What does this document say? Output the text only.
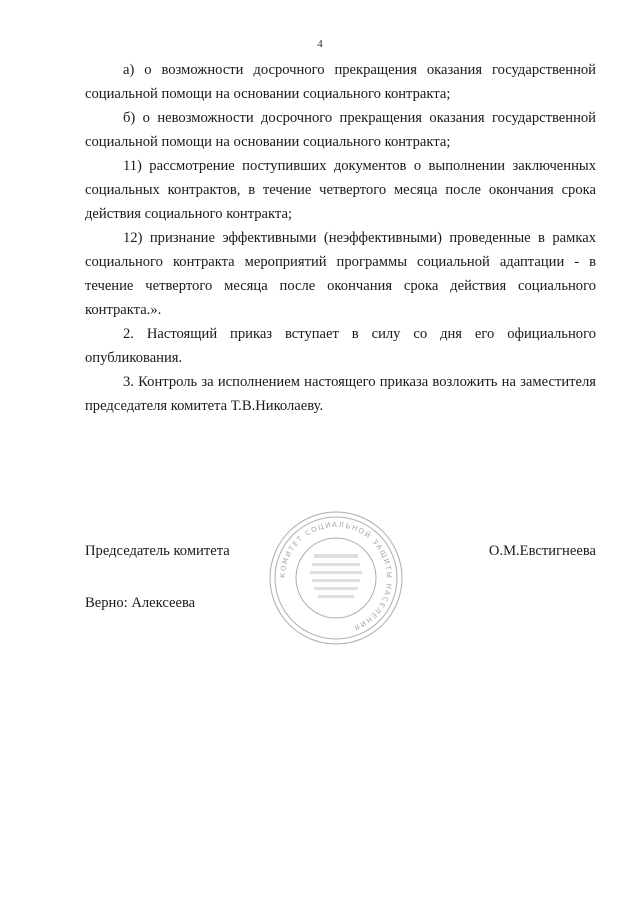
4

а) о возможности досрочного прекращения оказания государственной социальной помощи на основании социального контракта;

б) о невозможности досрочного прекращения оказания государственной социальной помощи на основании социального контракта;

11) рассмотрение поступивших документов о выполнении заключенных социальных контрактов, в течение четвертого месяца после окончания срока действия социального контракта;

12) признание эффективными (неэффективными) проведенные в рамках социального контракта мероприятий программы социальной адаптации - в течение четвертого месяца после окончания срока действия социального контракта.».

2. Настоящий приказ вступает в силу со дня его официального опубликования.

3. Контроль за исполнением настоящего приказа возложить на заместителя председателя комитета Т.В.Николаеву.

КОМИТЕТ СОЦИАЛЬНОЙ ЗАЩИТЫ НАСЕЛЕНИЯ
Председатель комитета	О.М.Евстигнеева
Верно: Алексеева
